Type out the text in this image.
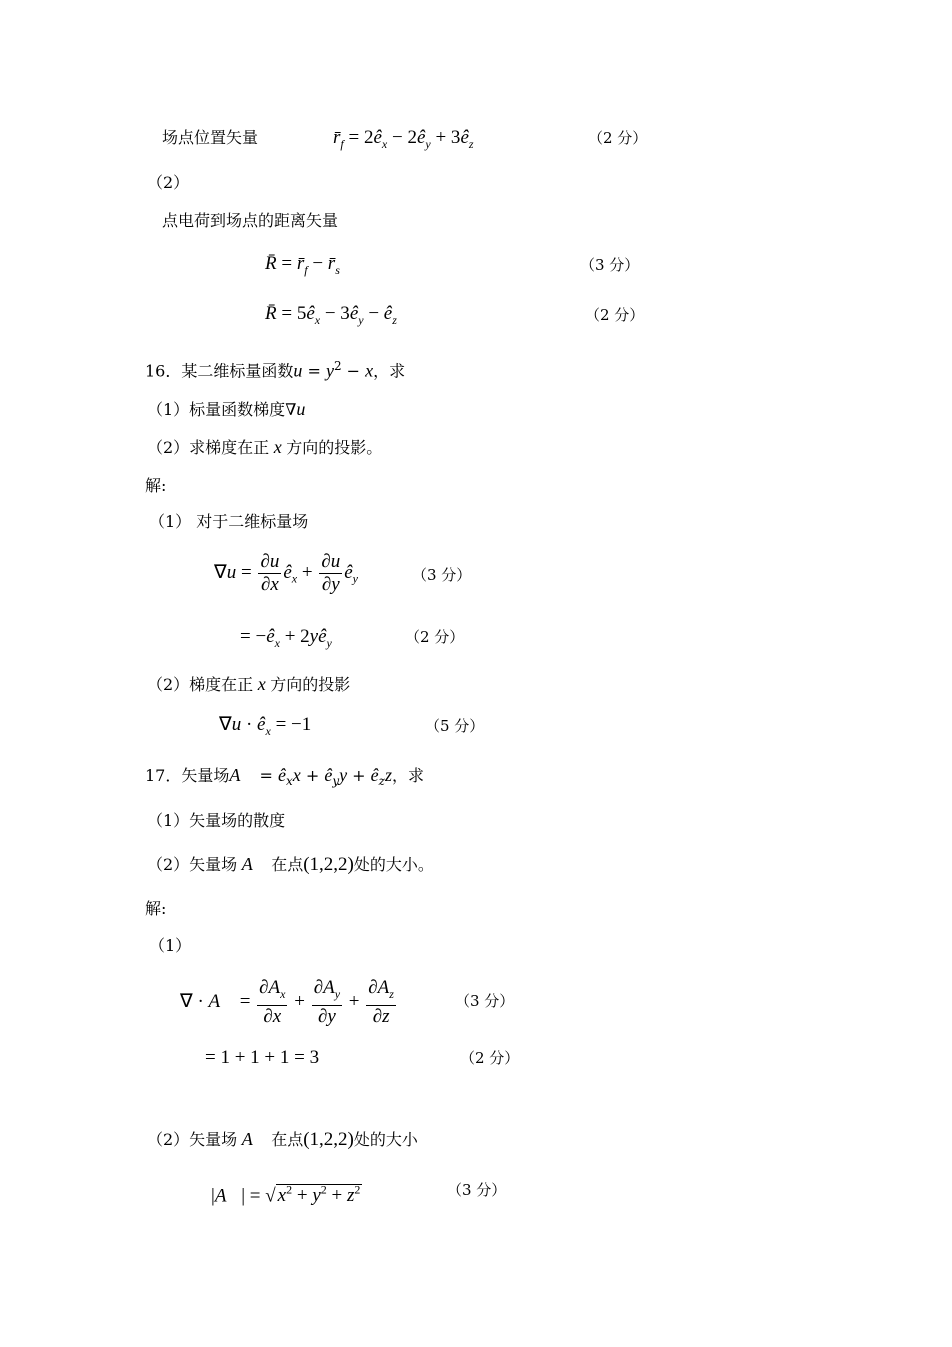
场点位置矢量	$r̄_f$ = $2ê_x$ − $2ê_y$ + $3ê_z$	（2 分）
（2）
点电荷到场点的距离矢量
R̄ = $r̄_f$ − $r̄_s$	（3 分）
R̄ = $5ê_x$ − $3ê_y$ − $ê_z$	（2 分）
16．某二维标量函数$u = y^2 - x$，求
（1）标量函数梯度∇u
（2）求梯度在正 x 方向的投影。
解:
（1） 对于二维标量场
$\nabla u = \frac{\partial u}{\partial x}$ $ê_x + \frac{\partial u}{\partial y}$ $ê_y$	（3 分）
= $-ê_x$ + $2yê_y$	（2 分）
（2）梯度在正 x 方向的投影
$\nabla u \cdot ê_x = -1$	（5 分）
17．矢量场A⃗ = $ê_xx$ + $ê_yy$ + $ê_zz$，求
（1）矢量场的散度
（2）矢量场 A⃗ 在点(1,2,2)处的大小。
解:
（1）
∇ · A⃗ = $\frac{\partial A_x}{\partial x} + \frac{\partial A_y}{\partial y} + \frac{\partial A_z}{\partial z}$	（3 分）
= 1 + 1 + 1 = 3	（2 分）
（2）矢量场 A⃗ 在点(1,2,2)处的大小
|A⃗| = √ $x^2 + y^2 + z^2$	（3 分）
